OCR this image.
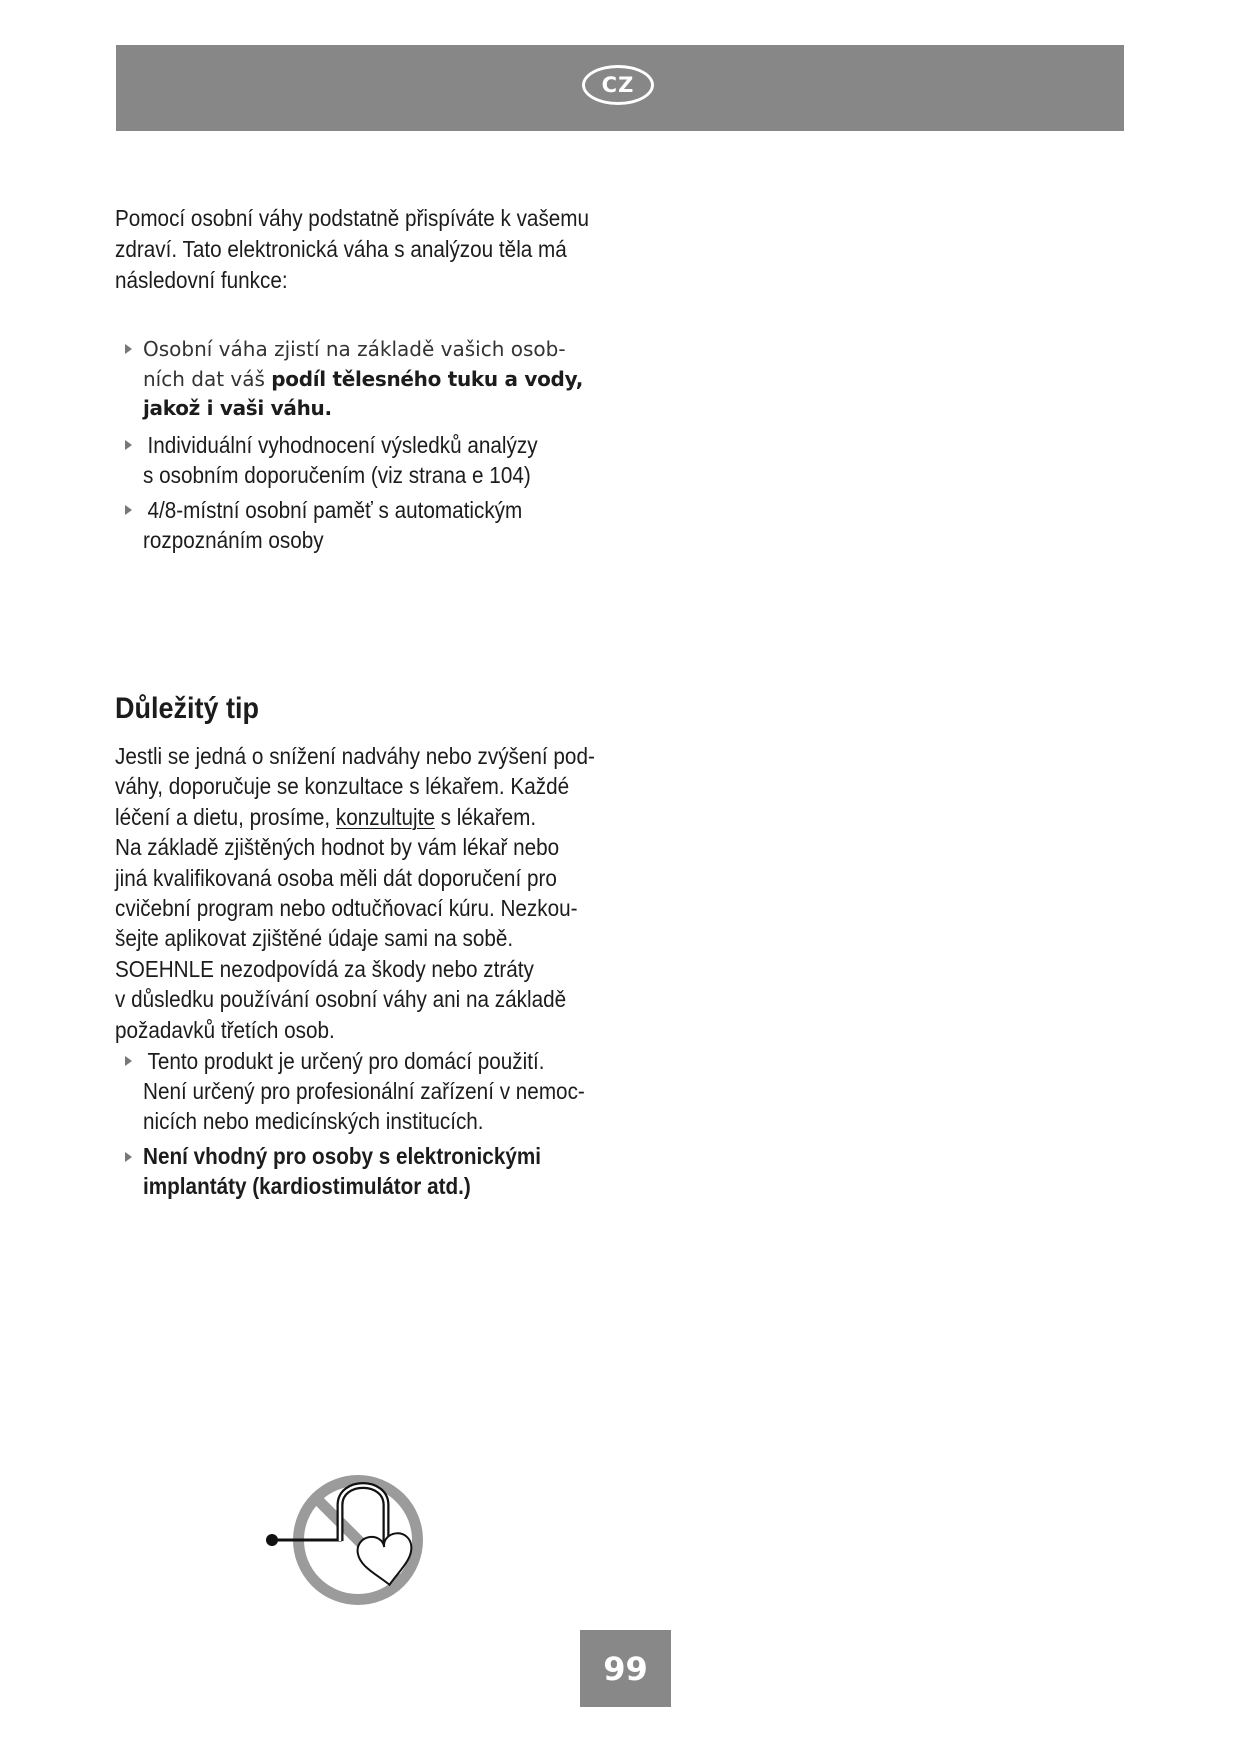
CZ
Pomocí osobní váhy podstatně přispíváte k vašemu
zdraví. Tato elektronická váha s analýzou těla má
následovní funkce:
Osobní váha zjistí na základě vašich osob-
ních dat váš podíl tělesného tuku a vody,
jakož i vaši váhu.
Individuální vyhodnocení výsledků analýzy
s osobním doporučením (viz strana e 104)
4/8-místní osobní paměť s automatickým
rozpoznáním osoby
Důležitý tip
Jestli se jedná o snížení nadváhy nebo zvýšení pod-
váhy, doporučuje se konzultace s lékařem. Každé
léčení a dietu, prosíme, konzultujte s lékařem.
Na základě zjištěných hodnot by vám lékař nebo
jiná kvalifikovaná osoba měli dát doporučení pro
cvičební program nebo odtučňovací kúru. Nezkou-
šejte aplikovat zjištěné údaje sami na sobě.
SOEHNLE nezodpovídá za škody nebo ztráty
v důsledku používání osobní váhy ani na základě
požadavků třetích osob.
Tento produkt je určený pro domácí použití.
Není určený pro profesionální zařízení v nemoc-
nicích nebo medicínských institucích.
Není vhodný pro osoby s elektronickými
implantáty (kardiostimulátor atd.)
99
